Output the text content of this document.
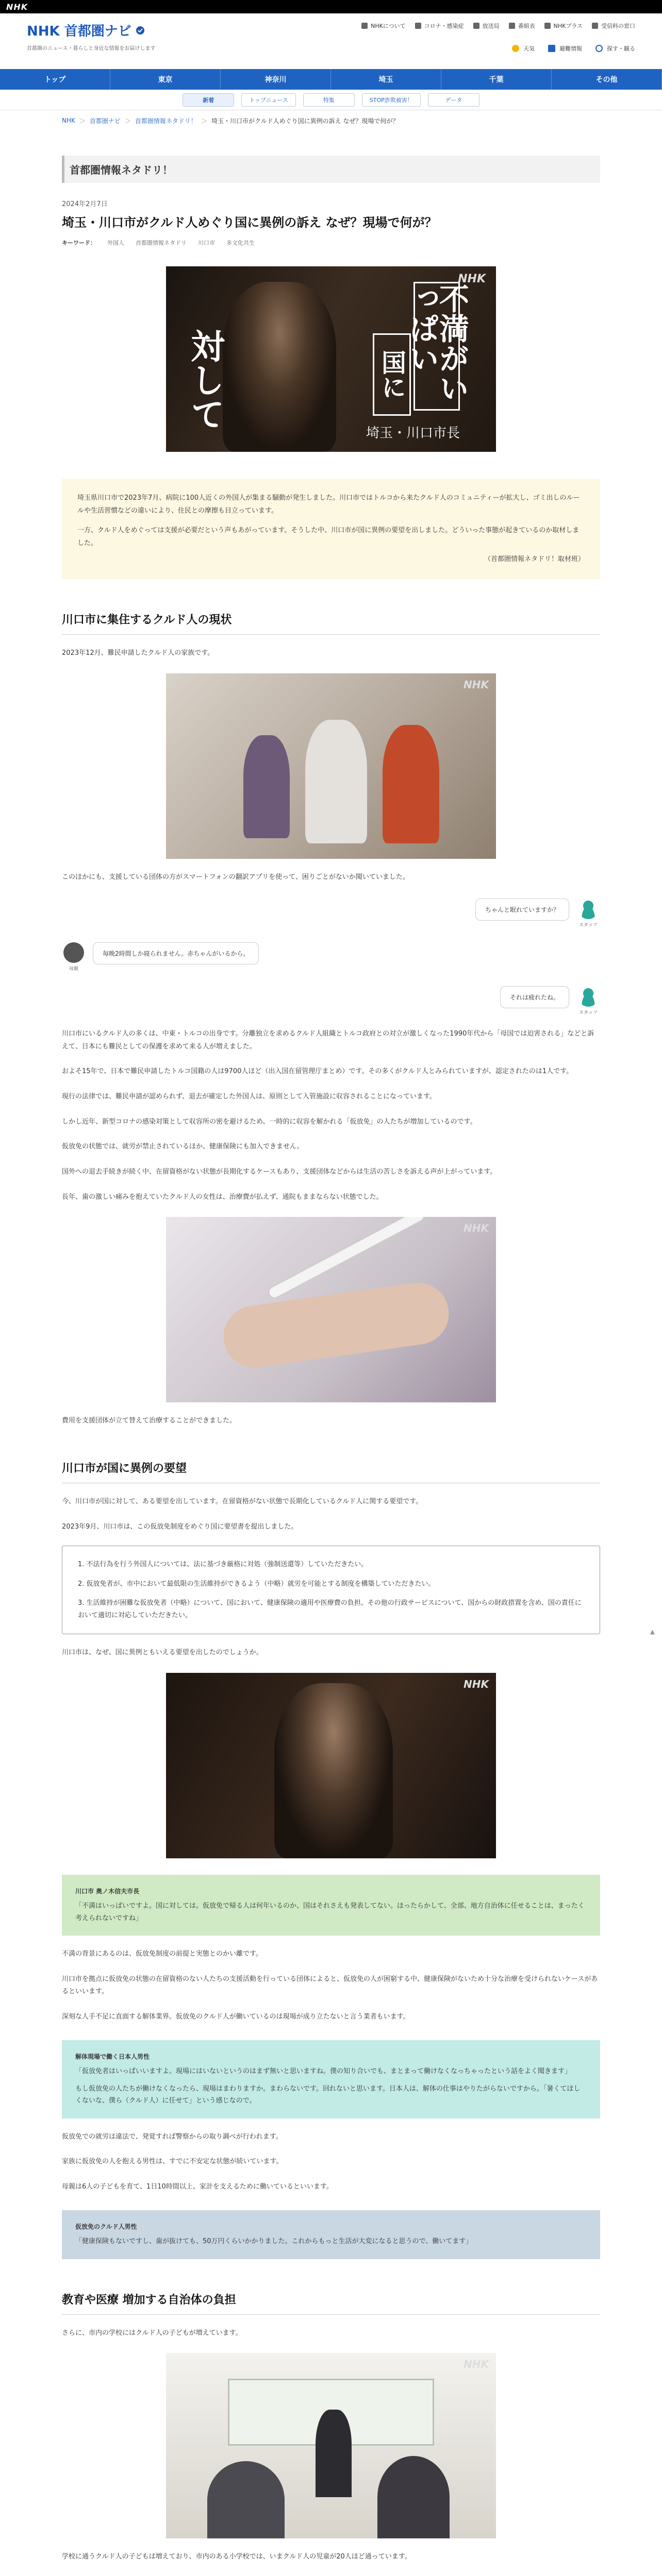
NHK
NHK 首都圏ナビ
首都圏のニュース・暮らしと身近な情報をお届けします
NHKについて	コロナ・感染症	放送局	番組表	NHKプラス	受信料の窓口
天気	避難情報	探す・観る
トップ	東京	神奈川	埼玉	千葉	その他
新着	トップニュース	特集	STOP詐欺被害！	データ
NHK ＞ 首都圏ナビ ＞ 首都圏情報ネタドリ！ ＞ 埼玉・川口市がクルド人めぐり国に異例の訴え なぜ？現場で何が？
首都圏情報ネタドリ！
2024年2月7日
埼玉・川口市がクルド人めぐり国に異例の訴え なぜ？現場で何が？
キーワード： 外国人 首都圏情報ネタドリ 川口市 多文化共生
対して	国に 不満がいっぱい
埼玉・川口市長
NHK

埼玉県川口市で2023年7月、病院に100人近くの外国人が集まる騒動が発生しました。川口市ではトルコから来たクルド人のコミュニティーが拡大し、ゴミ出しのルールや生活習慣などの違いにより、住民との摩擦も目立っています。

一方、クルド人をめぐっては支援が必要だという声もあがっています。そうした中、川口市が国に異例の要望を出しました。どういった事態が起きているのか取材しました。

（首都圏情報ネタドリ！取材班）

川口市に集住するクルド人の現状

2023年12月、難民申請したクルド人の家族です。

NHK

このほかにも、支援している団体の方がスマートフォンの翻訳アプリを使って、困りごとがないか聞いていました。

ちゃんと眠れていますか？
スタッフ
母親
毎晩2時間しか寝られません。赤ちゃんがいるから。
それは疲れたね。
スタッフ

川口市にいるクルド人の多くは、中東・トルコの出身です。分離独立を求めるクルド人組織とトルコ政府との対立が激しくなった1990年代から「母国では迫害される」などと訴えて、日本にも難民としての保護を求めて来る人が増えました。

およそ15年で、日本で難民申請したトルコ国籍の人は9700人ほど（出入国在留管理庁まとめ）です。その多くがクルド人とみられていますが、認定されたのは1人です。

現行の法律では、難民申請が認められず、退去が確定した外国人は、原則として入管施設に収容されることになっています。

しかし近年、新型コロナの感染対策として収容所の密を避けるため、一時的に収容を解かれる「仮放免」の人たちが増加しているのです。

仮放免の状態では、就労が禁止されているほか、健康保険にも加入できません。

国外への退去手続きが続く中、在留資格がない状態が長期化するケースもあり、支援団体などからは生活の苦しさを訴える声が上がっています。

長年、歯の激しい痛みを抱えていたクルド人の女性は、治療費が払えず、通院もままならない状態でした。

NHK

費用を支援団体が立て替えて治療することができました。

川口市が国に異例の要望

今、川口市が国に対して、ある要望を出しています。在留資格がない状態で長期化しているクルド人に関する要望です。

2023年9月、川口市は、この仮放免制度をめぐり国に要望書を提出しました。

1. 不法行為を行う外国人については、法に基づき厳格に対処（強制送還等）していただきたい。

2. 仮放免者が、市中において最低限の生活維持ができるよう（中略）就労を可能とする制度を構築していただきたい。

3. 生活維持が困難な仮放免者（中略）について、国において、健康保険の適用や医療費の負担、その他の行政サービスについて、国からの財政措置を含め、国の責任において適切に対応していただきたい。

川口市は、なぜ、国に異例ともいえる要望を出したのでしょうか。

NHK
川口市 奥ノ木信夫市長
「不満はいっぱいですよ。国に対しては。仮放免で帰る人は何年いるのか、国はそれさえも発表してない。ほったらかして、全部、地方自治体に任せることは、まったく考えられないですね」

不満の背景にあるのは、仮放免制度の前提と実態とのかい離です。

川口市を拠点に仮放免の状態の在留資格のない人たちの支援活動を行っている団体によると、仮放免の人が困窮する中、健康保険がないため十分な治療を受けられないケースがあるといいます。

深刻な人手不足に直面する解体業界。仮放免のクルド人が働いているのは現場が成り立たないと言う業者もいます。

解体現場で働く日本人男性
「仮放免者はいっぱいいますよ。現場にはいないというのはまず無いと思いますね。僕の知り合いでも、まとまって働けなくなっちゃったという話をよく聞きます」
もし仮放免の人たちが働けなくなったら、現場はまわりますか。まわらないです。回れないと思います。日本人は、解体の仕事はやりたがらないですから。「暑くてほしくないな、僕ら（クルド人）に任せて」という感じなので。

仮放免での就労は違法で、発覚すれば警察からの取り調べが行われます。

家族に仮放免の人を抱える男性は、すでに不安定な状態が続いています。

母親は6人の子どもを育て、1日10時間以上、家計を支えるために働いているといいます。

仮放免のクルド人男性
「健康保険もないですし、歯が抜けても、50万円くらいかかりました。これからもっと生活が大変になると思うので、働いてます」
教育や医療 増加する自治体の負担

さらに、市内の学校にはクルド人の子どもが増えています。

NHK

学校に通うクルド人の子どもは増えており、市内のある小学校では、いまクルド人の児童が20人ほど通っています。

▲
